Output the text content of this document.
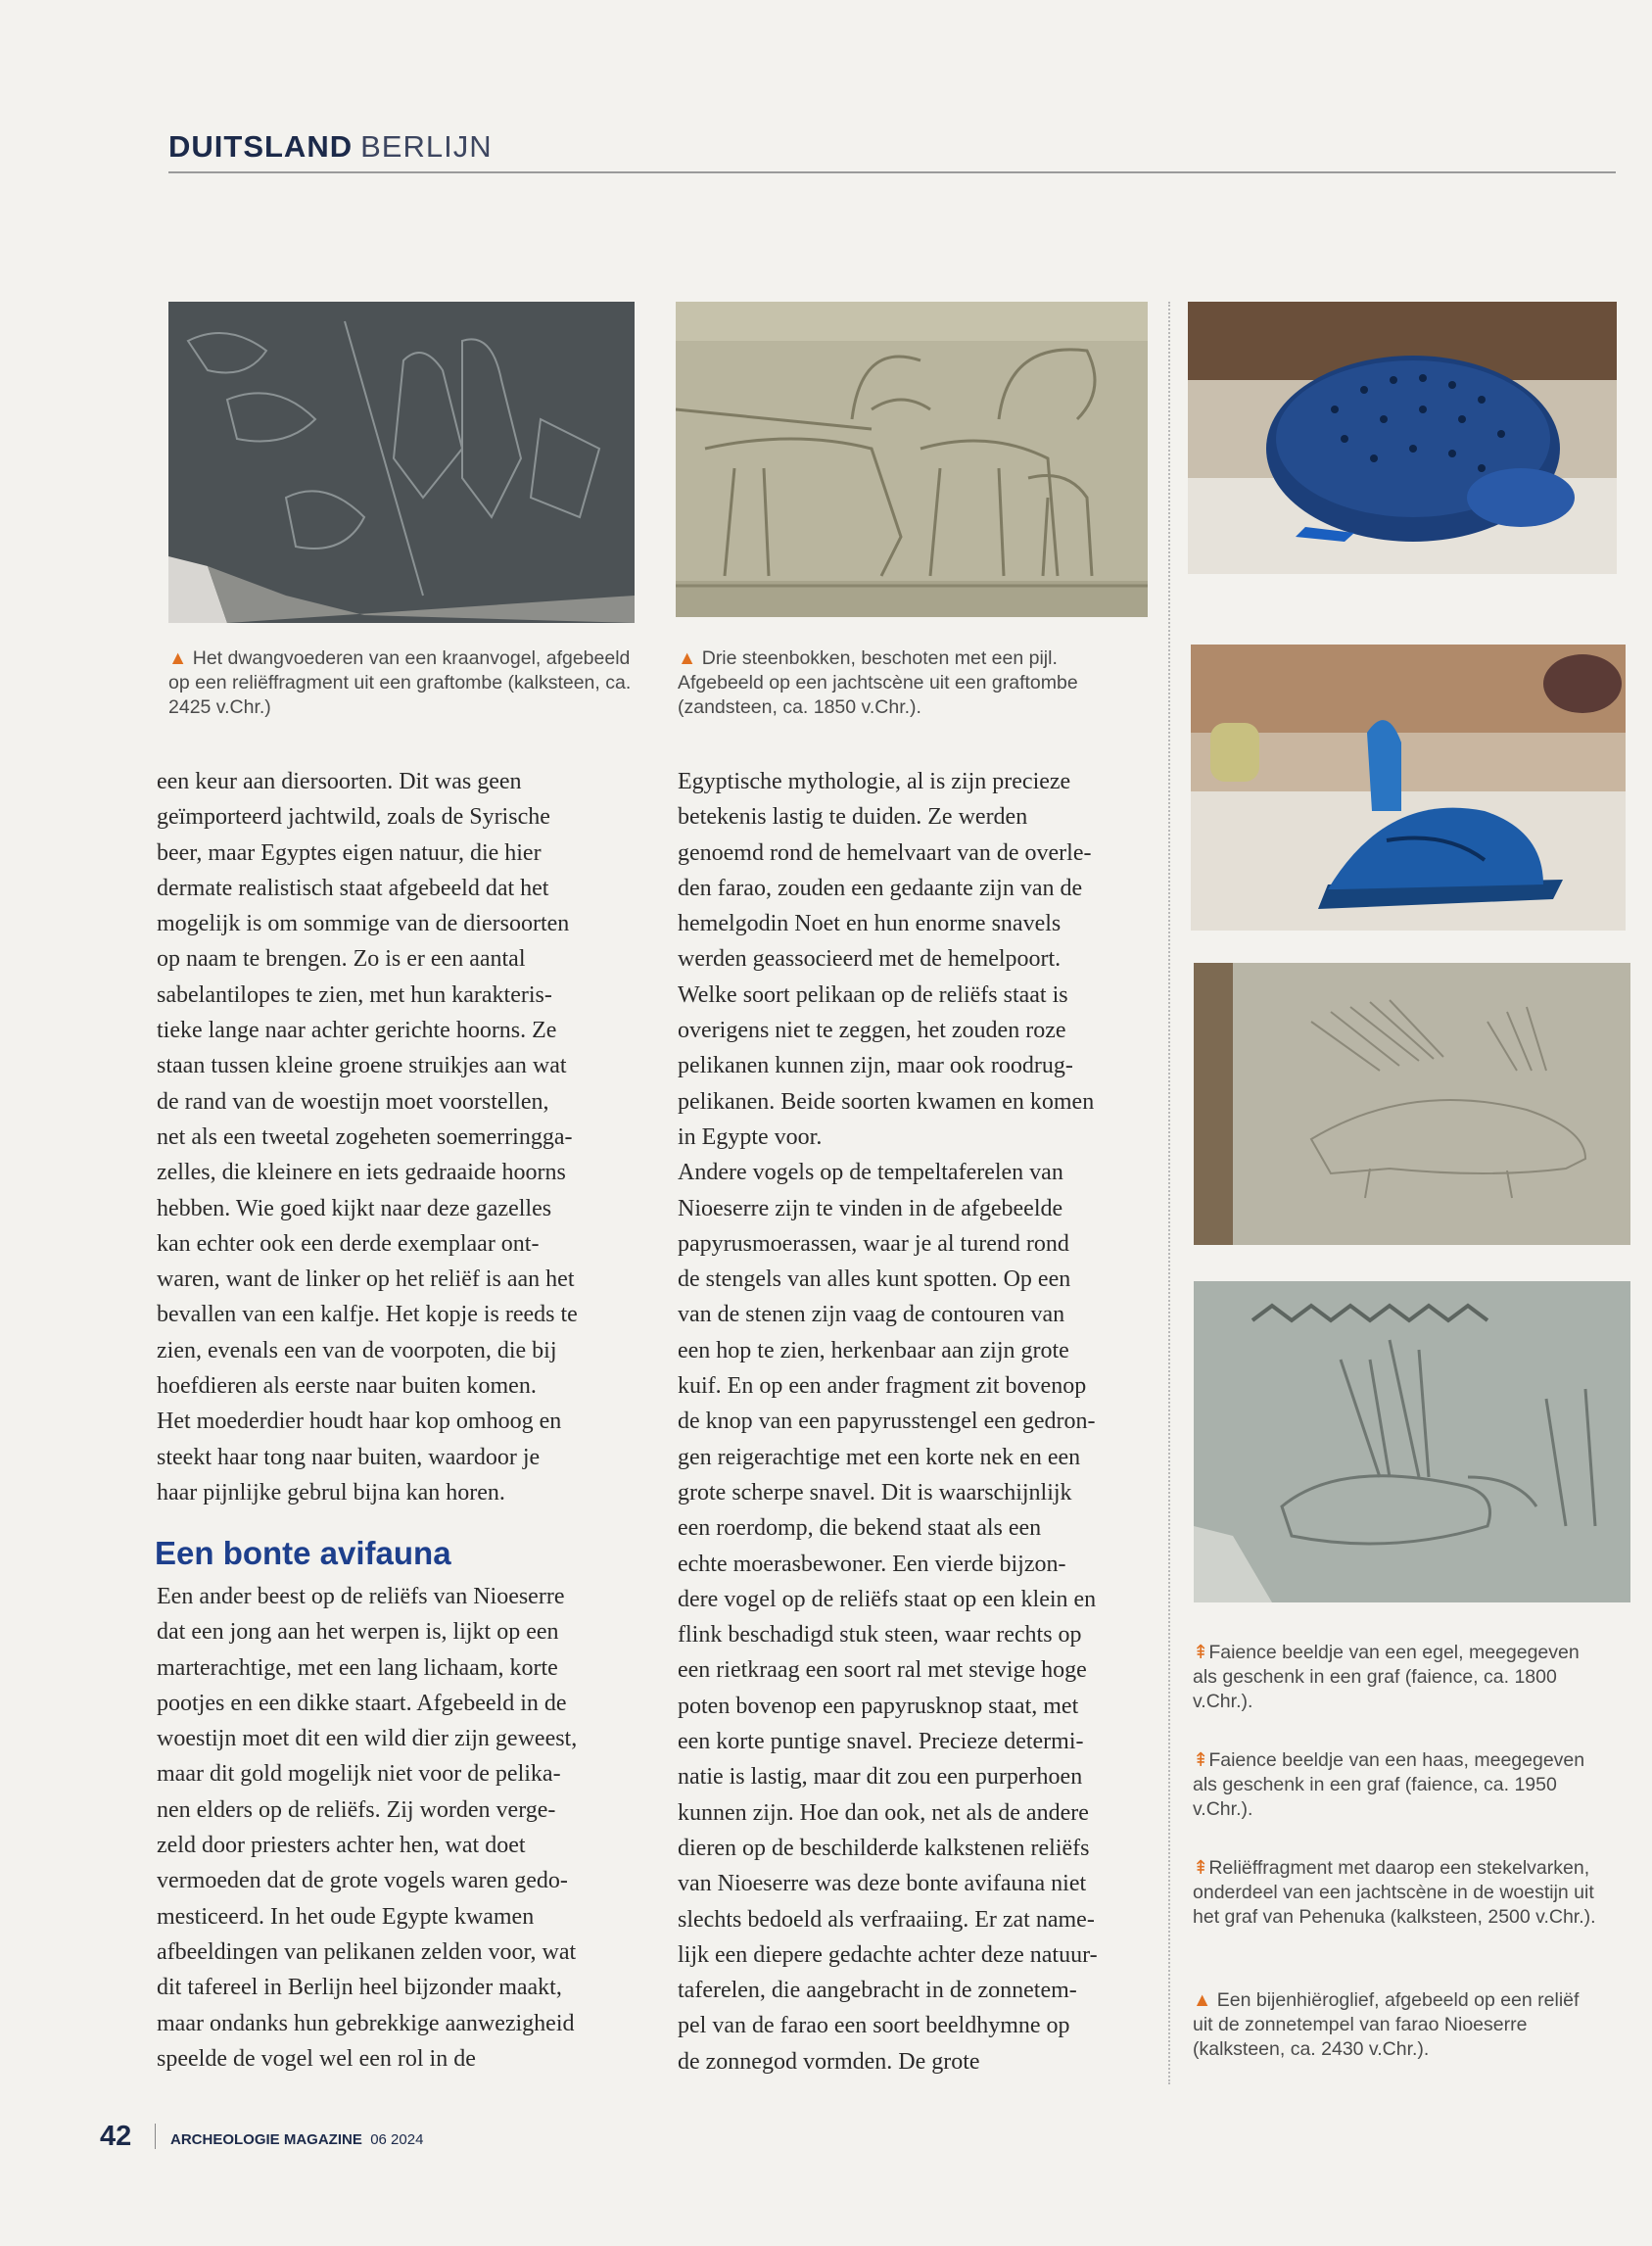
DUITSLAND BERLIJN
▲ Het dwangvoederen van een kraanvogel, afgebeeld op een reliëffragment uit een graftombe (kalksteen, ca. 2425 v.Chr.)
▲ Drie steenbokken, beschoten met een pijl. Afgebeeld op een jachtscène uit een graftombe (zandsteen, ca. 1850 v.Chr.).
⇞Faience beeldje van een egel, meegegeven als geschenk in een graf (faience, ca. 1800 v.Chr.).
⇞Faience beeldje van een haas, meegegeven als geschenk in een graf (faience, ca. 1950 v.Chr.).
⇞Reliëffragment met daarop een stekelvarken, onderdeel van een jachtscène in de woestijn uit het graf van Pehenuka (kalksteen, 2500 v.Chr.).
▲ Een bijenhiëroglief, afgebeeld op een reliëf uit de zonnetempel van farao Nioeserre (kalksteen, ca. 2430 v.Chr.).

een keur aan diersoorten. Dit was geen

geïmporteerd jachtwild, zoals de Syrische

beer, maar Egyptes eigen natuur, die hier

dermate realistisch staat afgebeeld dat het

mogelijk is om sommige van de diersoorten

op naam te brengen. Zo is er een aantal

sabelantilopes te zien, met hun karakteris-

tieke lange naar achter gerichte hoorns. Ze

staan tussen kleine groene struikjes aan wat

de rand van de woestijn moet voorstellen,

net als een tweetal zogeheten soemerringga-

zelles, die kleinere en iets gedraaide hoorns

hebben. Wie goed kijkt naar deze gazelles

kan echter ook een derde exemplaar ont-

waren, want de linker op het reliëf is aan het

bevallen van een kalfje. Het kopje is reeds te

zien, evenals een van de voorpoten, die bij

hoefdieren als eerste naar buiten komen.

Het moederdier houdt haar kop omhoog en

steekt haar tong naar buiten, waardoor je

haar pijnlijke gebrul bijna kan horen.

Een bonte avifauna

Een ander beest op de reliëfs van Nioeserre

dat een jong aan het werpen is, lijkt op een

marterachtige, met een lang lichaam, korte

pootjes en een dikke staart. Afgebeeld in de

woestijn moet dit een wild dier zijn geweest,

maar dit gold mogelijk niet voor de pelika-

nen elders op de reliëfs. Zij worden verge-

zeld door priesters achter hen, wat doet

vermoeden dat de grote vogels waren gedo-

mesticeerd. In het oude Egypte kwamen

afbeeldingen van pelikanen zelden voor, wat

dit tafereel in Berlijn heel bijzonder maakt,

maar ondanks hun gebrekkige aanwezigheid

speelde de vogel wel een rol in de

Egyptische mythologie, al is zijn precieze

betekenis lastig te duiden. Ze werden

genoemd rond de hemelvaart van de overle-

den farao, zouden een gedaante zijn van de

hemelgodin Noet en hun enorme snavels

werden geassocieerd met de hemelpoort.

Welke soort pelikaan op de reliëfs staat is

overigens niet te zeggen, het zouden roze

pelikanen kunnen zijn, maar ook roodrug-

pelikanen. Beide soorten kwamen en komen

in Egypte voor.

Andere vogels op de tempeltaferelen van

Nioeserre zijn te vinden in de afgebeelde

papyrusmoerassen, waar je al turend rond

de stengels van alles kunt spotten. Op een

van de stenen zijn vaag de contouren van

een hop te zien, herkenbaar aan zijn grote

kuif. En op een ander fragment zit bovenop

de knop van een papyrusstengel een gedron-

gen reigerachtige met een korte nek en een

grote scherpe snavel. Dit is waarschijnlijk

een roerdomp, die bekend staat als een

echte moerasbewoner. Een vierde bijzon-

dere vogel op de reliëfs staat op een klein en

flink beschadigd stuk steen, waar rechts op

een rietkraag een soort ral met stevige hoge

poten bovenop een papyrusknop staat, met

een korte puntige snavel. Precieze determi-

natie is lastig, maar dit zou een purperhoen

kunnen zijn. Hoe dan ook, net als de andere

dieren op de beschilderde kalkstenen reliëfs

van Nioeserre was deze bonte avifauna niet

slechts bedoeld als verfraaiing. Er zat name-

lijk een diepere gedachte achter deze natuur-

taferelen, die aangebracht in de zonnetem-

pel van de farao een soort beeldhymne op

de zonnegod vormden. De grote

42	ARCHEOLOGIE MAGAZINE 06 2024
